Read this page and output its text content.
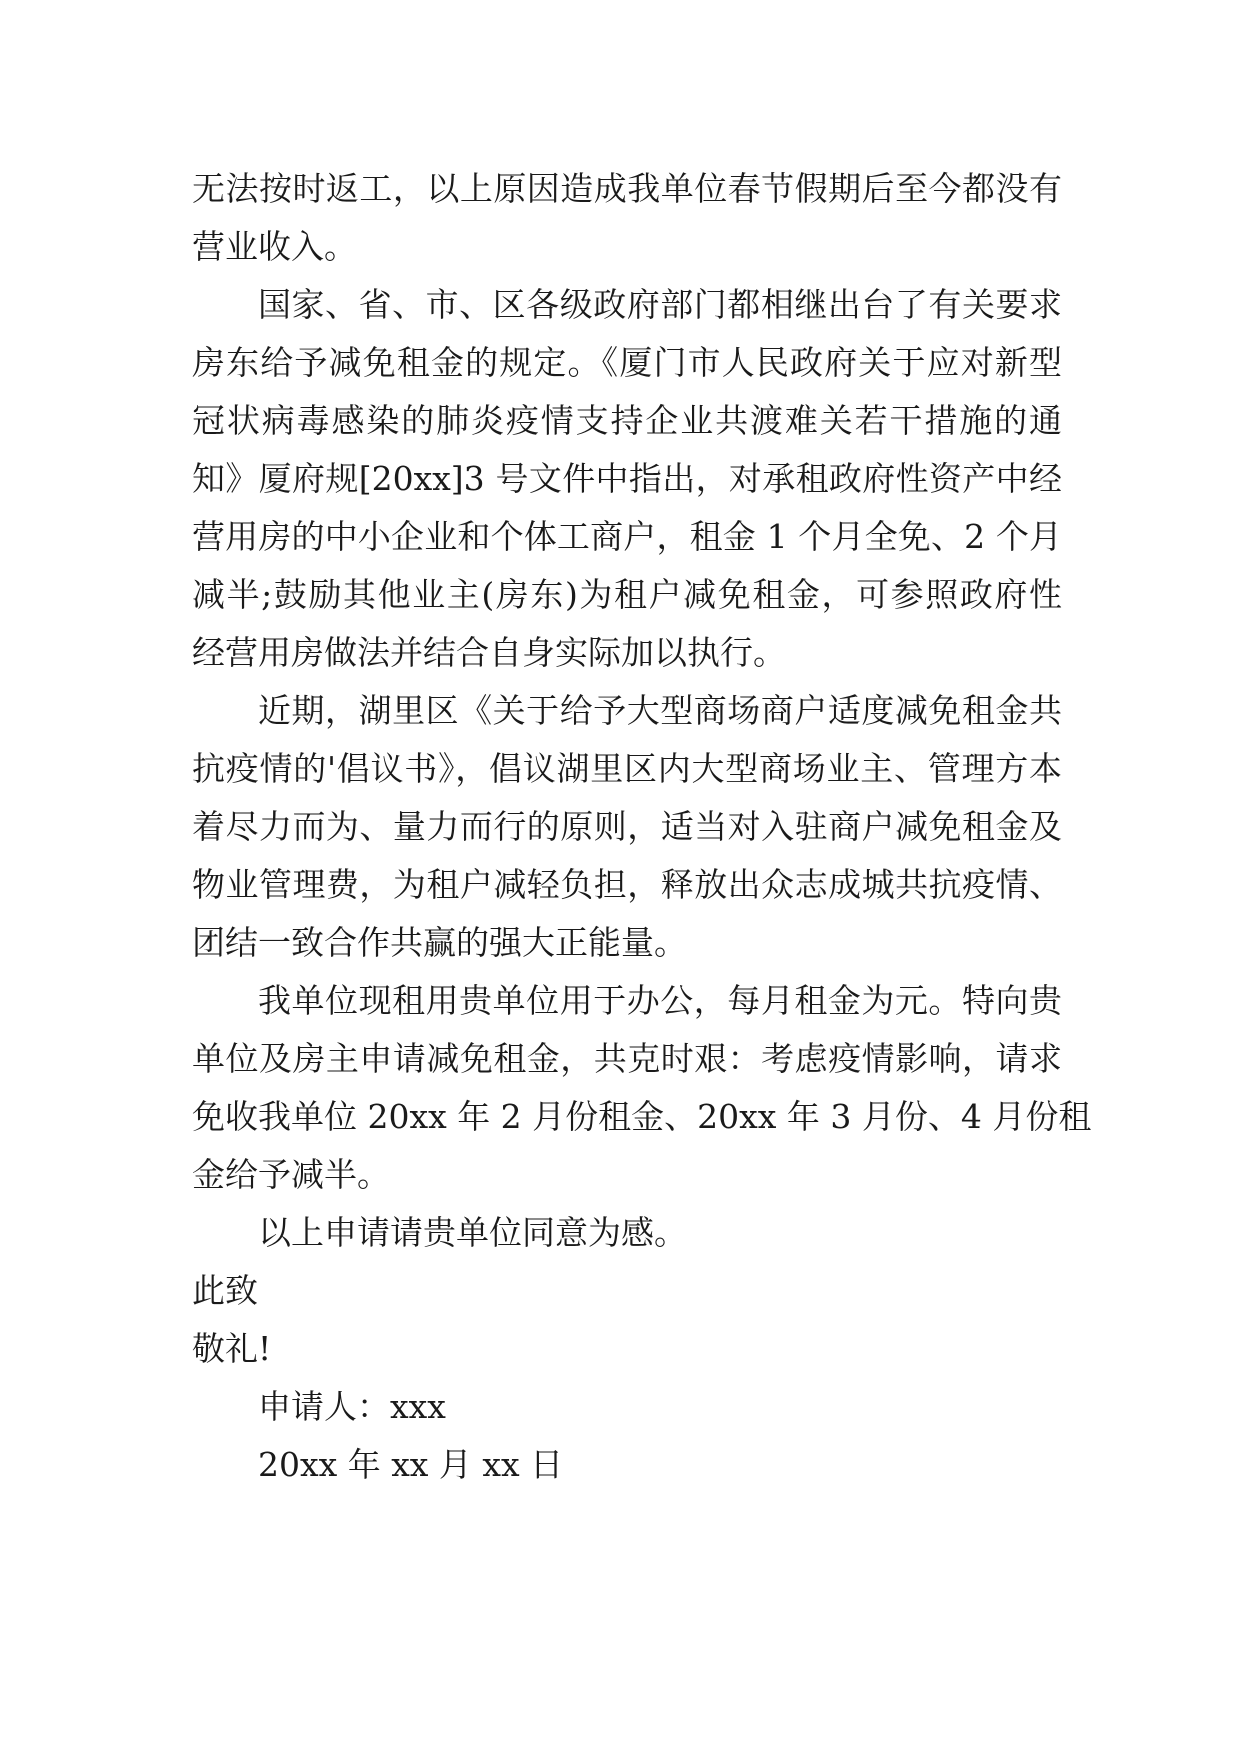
无法按时返工，以上原因造成我单位春节假期后至今都没有
营业收入。
国家、省、市、区各级政府部门都相继出台了有关要求
房东给予减免租金的规定。《厦门市人民政府关于应对新型
冠状病毒感染的肺炎疫情支持企业共渡难关若干措施的通
知》厦府规[20xx]3 号文件中指出，对承租政府性资产中经
营用房的中小企业和个体工商户，租金 1 个月全免、2 个月
减半;鼓励其他业主(房东)为租户减免租金，可参照政府性
经营用房做法并结合自身实际加以执行。
近期，湖里区《关于给予大型商场商户适度减免租金共
抗疫情的'倡议书》，倡议湖里区内大型商场业主、管理方本
着尽力而为、量力而行的原则，适当对入驻商户减免租金及
物业管理费，为租户减轻负担，释放出众志成城共抗疫情、
团结一致合作共赢的强大正能量。
我单位现租用贵单位用于办公，每月租金为元。特向贵
单位及房主申请减免租金，共克时艰：考虑疫情影响，请求
免收我单位 20xx 年 2 月份租金、20xx 年 3 月份、4 月份租
金给予减半。
以上申请请贵单位同意为感。
此致
敬礼!
申请人：xxx
20xx 年 xx 月 xx 日
